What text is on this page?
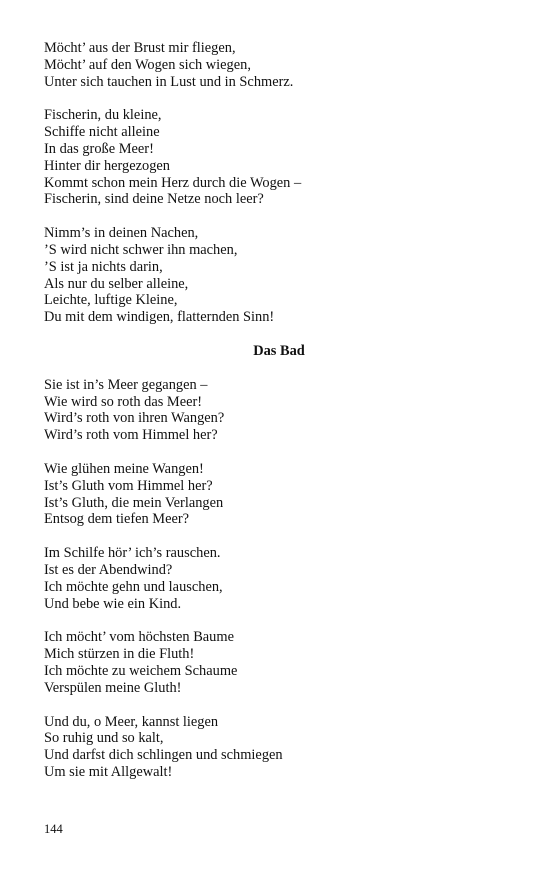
Möcht’ aus der Brust mir fliegen,
Möcht’ auf den Wogen sich wiegen,
Unter sich tauchen in Lust und in Schmerz.
Fischerin, du kleine,
Schiffe nicht alleine
In das große Meer!
Hinter dir hergezogen
Kommt schon mein Herz durch die Wogen –
Fischerin, sind deine Netze noch leer?
Nimm’s in deinen Nachen,
’S wird nicht schwer ihn machen,
’S ist ja nichts darin,
Als nur du selber alleine,
Leichte, luftige Kleine,
Du mit dem windigen, flatternden Sinn!
Das Bad
Sie ist in’s Meer gegangen –
Wie wird so roth das Meer!
Wird’s roth von ihren Wangen?
Wird’s roth vom Himmel her?
Wie glühen meine Wangen!
Ist’s Gluth vom Himmel her?
Ist’s Gluth, die mein Verlangen
Entsog dem tiefen Meer?
Im Schilfe hör’ ich’s rauschen.
Ist es der Abendwind?
Ich möchte gehn und lauschen,
Und bebe wie ein Kind.
Ich möcht’ vom höchsten Baume
Mich stürzen in die Fluth!
Ich möchte zu weichem Schaume
Verspülen meine Gluth!
Und du, o Meer, kannst liegen
So ruhig und so kalt,
Und darfst dich schlingen und schmiegen
Um sie mit Allgewalt!
144
